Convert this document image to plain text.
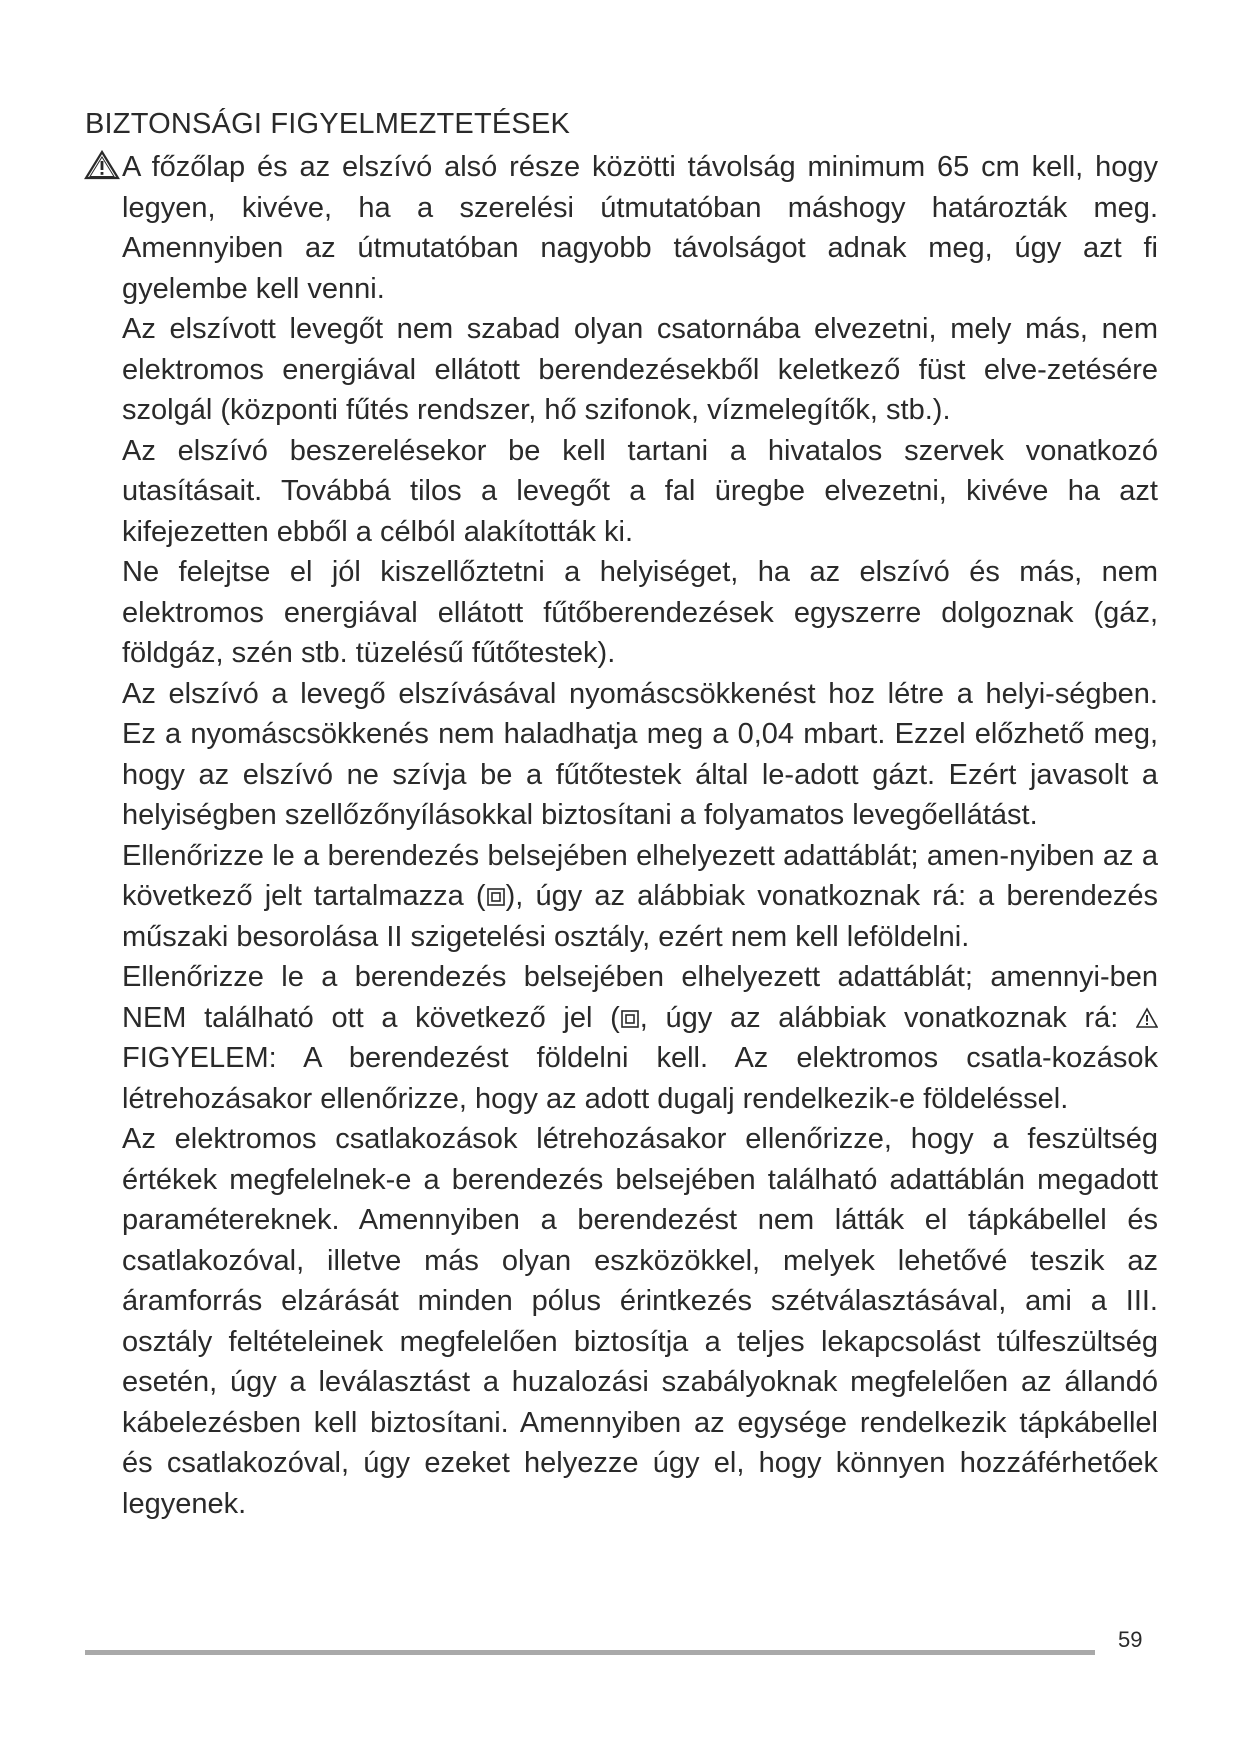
BIZTONSÁGI FIGYELMEZTETÉSEK

A főzőlap és az elszívó alsó része közötti távolság minimum 65 cm kell, hogy legyen, kivéve, ha a szerelési útmutatóban máshogy határozták meg. Amennyiben az útmutatóban nagyobb távolságot adnak meg, úgy azt fi gyelembe kell venni.

Az elszívott levegőt nem szabad olyan csatornába elvezetni, mely más, nem elektromos energiával ellátott berendezésekből keletkező füst elve-zetésére szolgál (központi fűtés rendszer, hő szifonok, vízmelegítők, stb.).

Az elszívó beszerelésekor be kell tartani a hivatalos szervek vonatkozó utasításait. Továbbá tilos a levegőt a fal üregbe elvezetni, kivéve ha azt kifejezetten ebből a célból alakították ki.

Ne felejtse el jól kiszellőztetni a helyiséget, ha az elszívó és más, nem elektromos energiával ellátott fűtőberendezések egyszerre dolgoznak (gáz, földgáz, szén stb. tüzelésű fűtőtestek).

Az elszívó a levegő elszívásával nyomáscsökkenést hoz létre a helyi-ségben. Ez a nyomáscsökkenés nem haladhatja meg a 0,04 mbart. Ezzel előzhető meg, hogy az elszívó ne szívja be a fűtőtestek által le-adott gázt. Ezért javasolt a helyiségben szellőzőnyílásokkal biztosítani a folyamatos levegőellátást.

Ellenőrizze le a berendezés belsejében elhelyezett adattáblát; amen-nyiben az a következő jelt tartalmazza ( ), úgy az alábbiak vonatkoznak rá: a berendezés műszaki besorolása II szigetelési osztály, ezért nem kell leföldelni.

Ellenőrizze le a berendezés belsejében elhelyezett adattáblát; amennyi-ben NEM található ott a következő jel ( , úgy az alábbiak vonatkoznak rá: FIGYELEM: A berendezést földelni kell. Az elektromos csatla-kozások létrehozásakor ellenőrizze, hogy az adott dugalj rendelkezik-e földeléssel.

Az elektromos csatlakozások létrehozásakor ellenőrizze, hogy a feszültség értékek megfelelnek-e a berendezés belsejében található adattáblán megadott paramétereknek. Amennyiben a berendezést nem látták el tápkábellel és csatlakozóval, illetve más olyan eszközökkel, melyek lehetővé teszik az áramforrás elzárását minden pólus érintkezés szétválasztásával, ami a III. osztály feltételeinek megfelelően biztosítja a teljes lekapcsolást túlfeszültség esetén, úgy a leválasztást a huzalozási szabályoknak megfelelően az állandó kábelezésben kell biztosítani. Amennyiben az egysége rendelkezik tápkábellel és csatlakozóval, úgy ezeket helyezze úgy el, hogy könnyen hozzáférhetőek legyenek.

59
